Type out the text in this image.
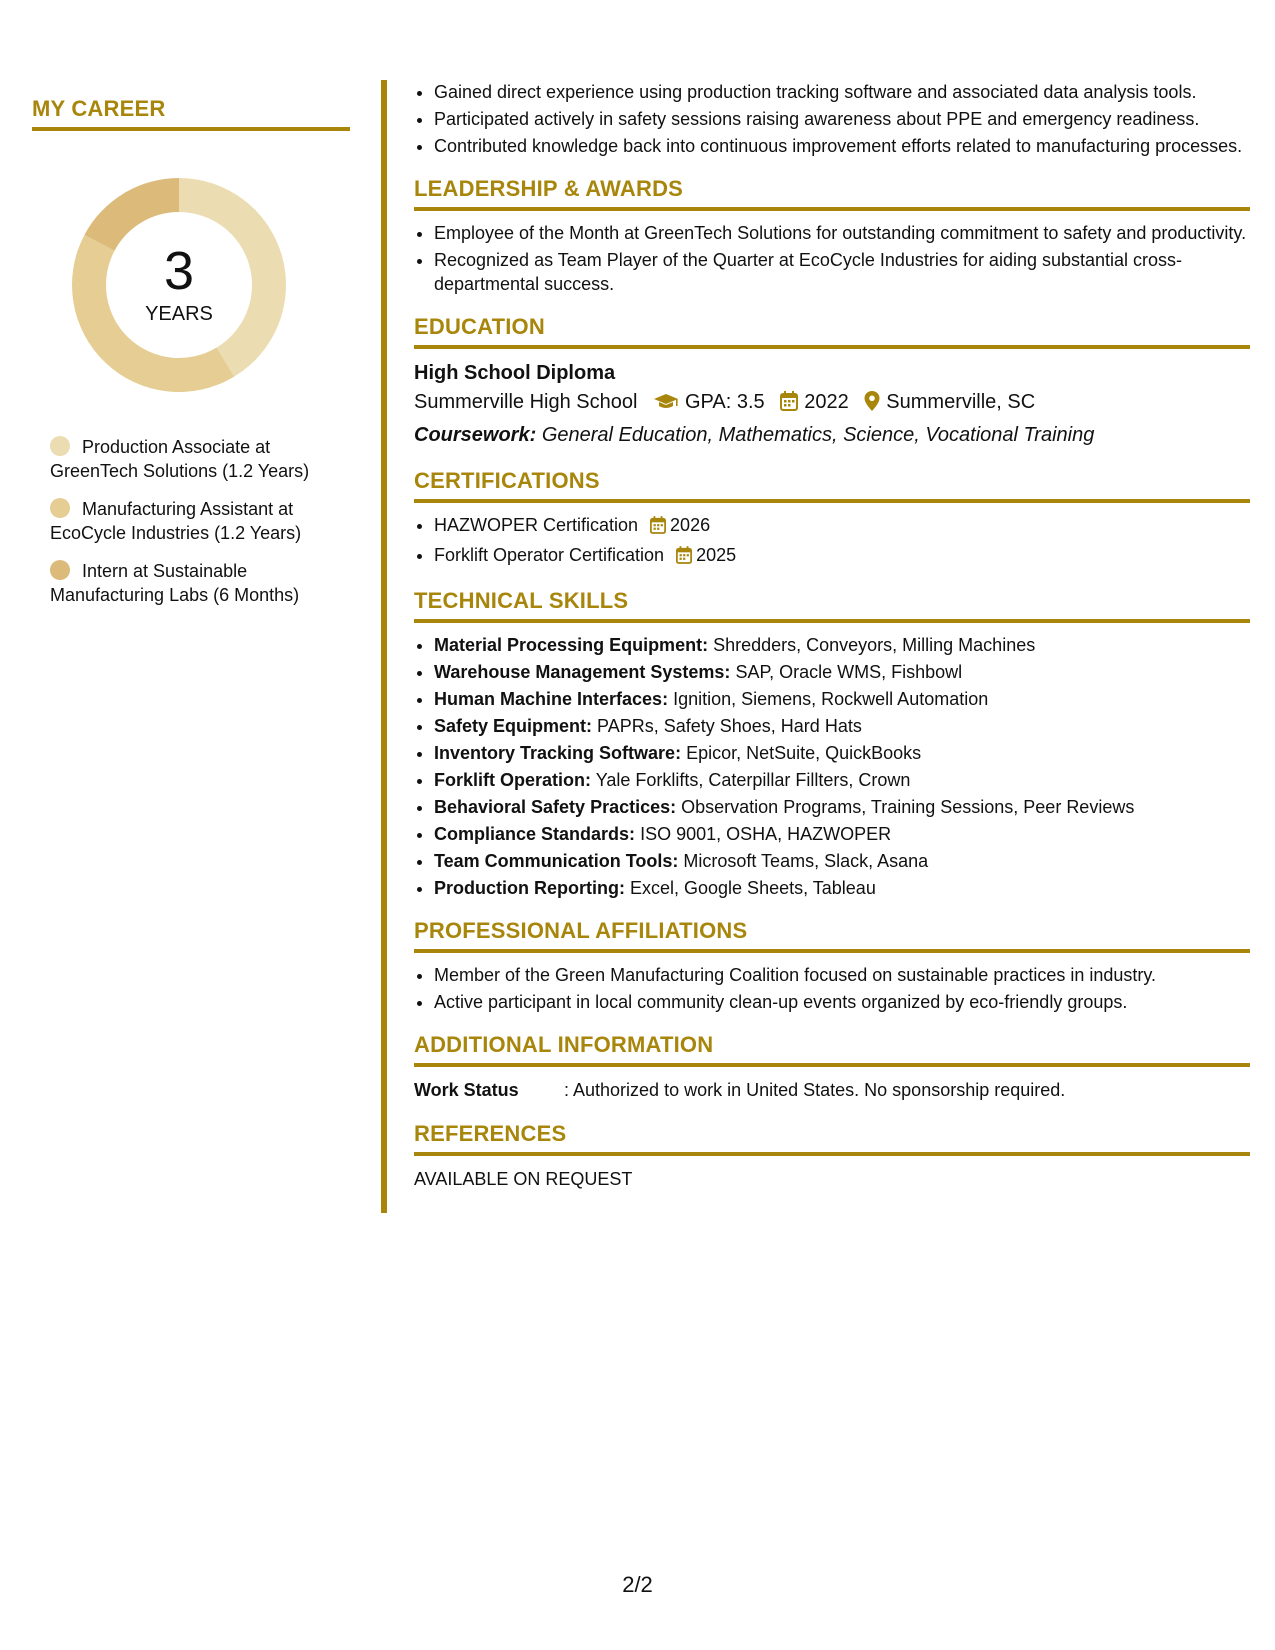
MY CAREER
3
YEARS
Production Associate at GreenTech Solutions (1.2 Years)
Manufacturing Assistant at EcoCycle Industries (1.2 Years)
Intern at Sustainable Manufacturing Labs (6 Months)
• Gained direct experience using production tracking software and associated data analysis tools.
• Participated actively in safety sessions raising awareness about PPE and emergency readiness.
• Contributed knowledge back into continuous improvement efforts related to manufacturing processes.
LEADERSHIP & AWARDS
• Employee of the Month at GreenTech Solutions for outstanding commitment to safety and productivity.
• Recognized as Team Player of the Quarter at EcoCycle Industries for aiding substantial cross-departmental success.
EDUCATION
High School Diploma
Summerville High School GPA: 3.5 2022 Summerville, SC
Coursework: General Education, Mathematics, Science, Vocational Training
CERTIFICATIONS
• HAZWOPER Certification 2026
• Forklift Operator Certification 2025
TECHNICAL SKILLS
• Material Processing Equipment: Shredders, Conveyors, Milling Machines
• Warehouse Management Systems: SAP, Oracle WMS, Fishbowl
• Human Machine Interfaces: Ignition, Siemens, Rockwell Automation
• Safety Equipment: PAPRs, Safety Shoes, Hard Hats
• Inventory Tracking Software: Epicor, NetSuite, QuickBooks
• Forklift Operation: Yale Forklifts, Caterpillar Fillters, Crown
• Behavioral Safety Practices: Observation Programs, Training Sessions, Peer Reviews
• Compliance Standards: ISO 9001, OSHA, HAZWOPER
• Team Communication Tools: Microsoft Teams, Slack, Asana
• Production Reporting: Excel, Google Sheets, Tableau
PROFESSIONAL AFFILIATIONS
• Member of the Green Manufacturing Coalition focused on sustainable practices in industry.
• Active participant in local community clean-up events organized by eco-friendly groups.
ADDITIONAL INFORMATION
Work Status	: Authorized to work in United States. No sponsorship required.
REFERENCES
AVAILABLE ON REQUEST
2/2
